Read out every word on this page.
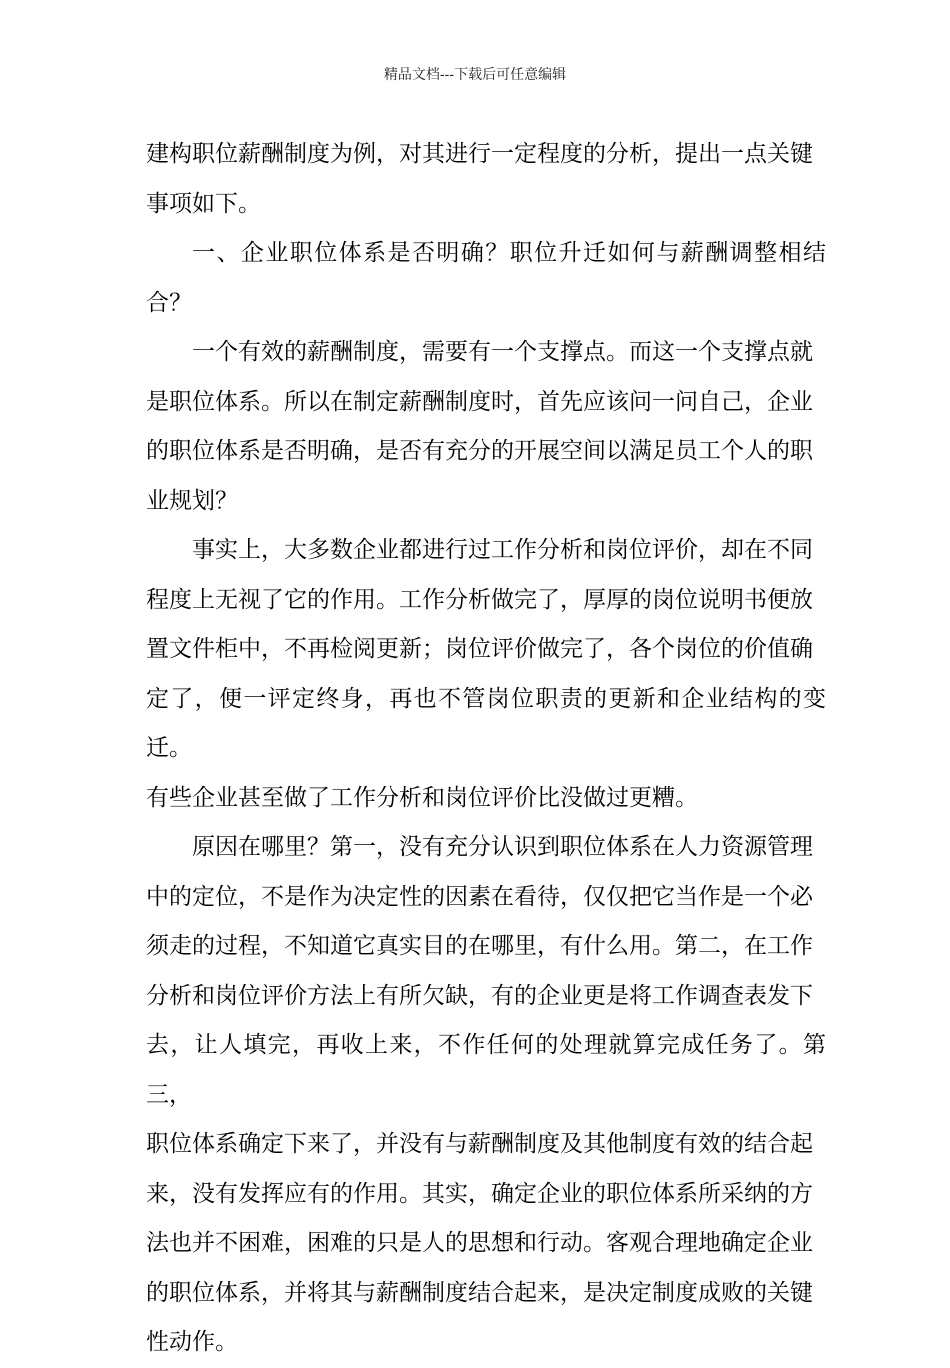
精品文档---下载后可任意编辑

建构职位薪酬制度为例，对其进行一定程度的分析，提出一点关键
事项如下。

一、企业职位体系是否明确？职位升迁如何与薪酬调整相结合？

一个有效的薪酬制度，需要有一个支撑点。而这一个支撑点就
是职位体系。所以在制定薪酬制度时，首先应该问一问自己，企业
的职位体系是否明确，是否有充分的开展空间以满足员工个人的职
业规划？

事实上，大多数企业都进行过工作分析和岗位评价，却在不同
程度上无视了它的作用。工作分析做完了，厚厚的岗位说明书便放
置文件柜中，不再检阅更新；岗位评价做完了，各个岗位的价值确
定了，便一评定终身，再也不管岗位职责的更新和企业结构的变迁。
有些企业甚至做了工作分析和岗位评价比没做过更糟。

原因在哪里？第一，没有充分认识到职位体系在人力资源管理
中的定位，不是作为决定性的因素在看待，仅仅把它当作是一个必
须走的过程，不知道它真实目的在哪里，有什么用。第二，在工作
分析和岗位评价方法上有所欠缺，有的企业更是将工作调查表发下
去，让人填完，再收上来，不作任何的处理就算完成任务了。第三，
职位体系确定下来了，并没有与薪酬制度及其他制度有效的结合起
来，没有发挥应有的作用。其实，确定企业的职位体系所采纳的方
法也并不困难，困难的只是人的思想和行动。客观合理地确定企业
的职位体系，并将其与薪酬制度结合起来，是决定制度成败的关键
性动作。
